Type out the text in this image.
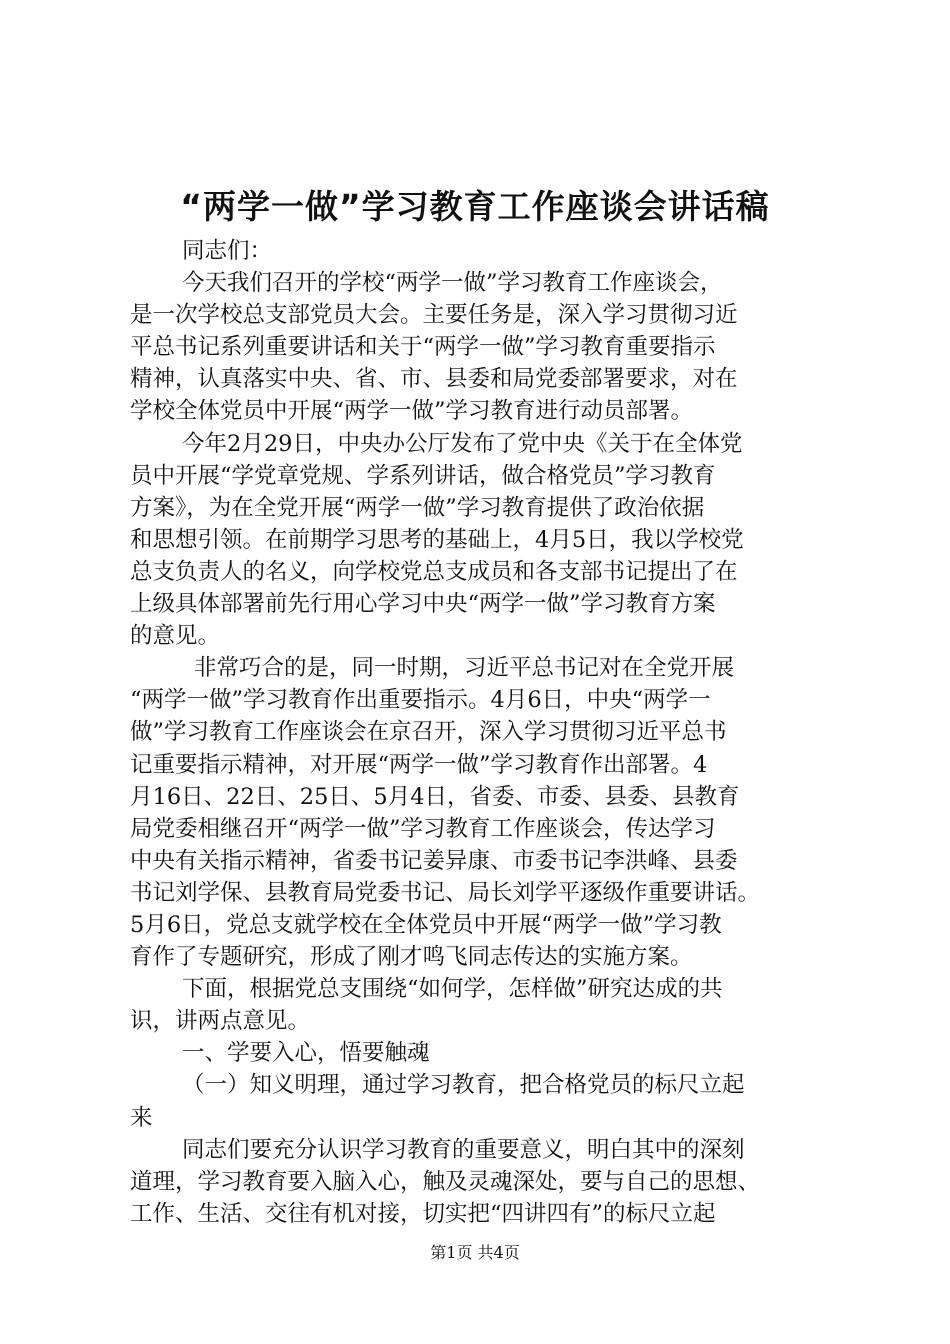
“两学一做”学习教育工作座谈会讲话稿
同志们：
今天我们召开的学校“两学一做”学习教育工作座谈会，
是一次学校总支部党员大会。主要任务是，深入学习贯彻习近
平总书记系列重要讲话和关于“两学一做”学习教育重要指示
精神，认真落实中央、省、市、县委和局党委部署要求，对在
学校全体党员中开展“两学一做”学习教育进行动员部署。
今年2月29日，中央办公厅发布了党中央《关于在全体党
员中开展“学党章党规、学系列讲话，做合格党员”学习教育
方案》，为在全党开展“两学一做”学习教育提供了政治依据
和思想引领。在前期学习思考的基础上，4月5日，我以学校党
总支负责人的名义，向学校党总支成员和各支部书记提出了在
上级具体部署前先行用心学习中央“两学一做”学习教育方案
的意见。
非常巧合的是，同一时期，习近平总书记对在全党开展
“两学一做”学习教育作出重要指示。4月6日，中央“两学一
做”学习教育工作座谈会在京召开，深入学习贯彻习近平总书
记重要指示精神，对开展“两学一做”学习教育作出部署。4
月16日、22日、25日、5月4日，省委、市委、县委、县教育
局党委相继召开“两学一做”学习教育工作座谈会，传达学习
中央有关指示精神，省委书记姜异康、市委书记李洪峰、县委
书记刘学保、县教育局党委书记、局长刘学平逐级作重要讲话。
5月6日，党总支就学校在全体党员中开展“两学一做”学习教
育作了专题研究，形成了刚才鸣飞同志传达的实施方案。
下面，根据党总支围绕“如何学，怎样做”研究达成的共
识，讲两点意见。
一、学要入心，悟要触魂
（一）知义明理，通过学习教育，把合格党员的标尺立起
来
同志们要充分认识学习教育的重要意义，明白其中的深刻
道理，学习教育要入脑入心，触及灵魂深处，要与自己的思想、
工作、生活、交往有机对接，切实把“四讲四有”的标尺立起
第1页 共4页
